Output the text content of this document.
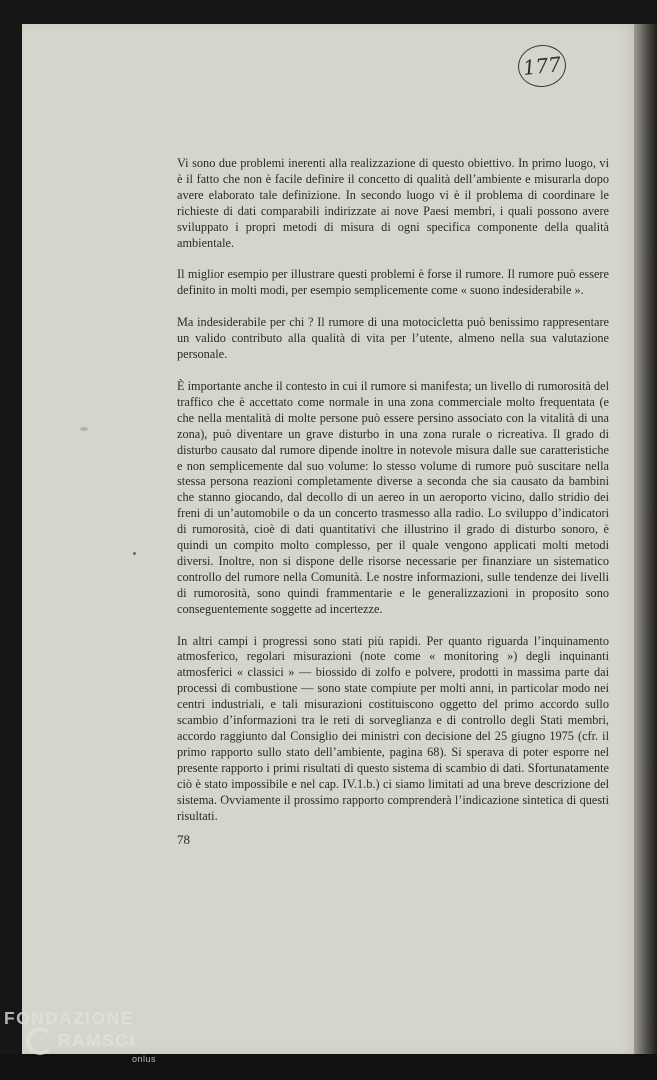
177

Vi sono due problemi inerenti alla realizzazione di questo obiettivo. In primo luogo, vi è il fatto che non è facile definire il concetto di qualità dell’ambiente e misurarla dopo avere elaborato tale definizione. In secondo luogo vi è il problema di coordinare le richieste di dati comparabili indirizzate ai nove Paesi membri, i quali possono avere sviluppato i propri metodi di misura di ogni specifica componente della qualità ambientale.

Il miglior esempio per illustrare questi problemi è forse il rumore. Il rumore può essere definito in molti modi, per esempio semplicemente come « suono indesiderabile ».

Ma indesiderabile per chi ? Il rumore di una motocicletta può benissimo rappresentare un valido contributo alla qualità di vita per l’utente, almeno nella sua valutazione personale.

È importante anche il contesto in cui il rumore si manifesta; un livello di rumorosità del traffico che è accettato come normale in una zona commerciale molto frequentata (e che nella mentalità di molte persone può essere persino associato con la vitalità di una zona), può diventare un grave disturbo in una zona rurale o ricreativa. Il grado di disturbo causato dal rumore dipende inoltre in notevole misura dalle sue caratteristiche e non semplicemente dal suo volume: lo stesso volume di rumore può suscitare nella stessa persona reazioni completamente diverse a seconda che sia causato da bambini che stanno giocando, dal decollo di un aereo in un aeroporto vicino, dallo stridio dei freni di un’automobile o da un concerto trasmesso alla radio. Lo sviluppo d’indicatori di rumorosità, cioè di dati quantitativi che illustrino il grado di disturbo sonoro, è quindi un compito molto complesso, per il quale vengono applicati molti metodi diversi. Inoltre, non si dispone delle risorse necessarie per finanziare un sistematico controllo del rumore nella Comunità. Le nostre informazioni, sulle tendenze dei livelli di rumorosità, sono quindi frammentarie e le generalizzazioni in proposito sono conseguentemente soggette ad incertezze.

In altri campi i progressi sono stati più rapidi. Per quanto riguarda l’inquinamento atmosferico, regolari misurazioni (note come « monitoring ») degli inquinanti atmosferici « classici » — biossido di zolfo e polvere, prodotti in massima parte dai processi di combustione — sono state compiute per molti anni, in particolar modo nei centri industriali, e tali misurazioni costituiscono oggetto del primo accordo sullo scambio d’informazioni tra le reti di sorveglianza e di controllo degli Stati membri, accordo raggiunto dal Consiglio dei ministri con decisione del 25 giugno 1975 (cfr. il primo rapporto sullo stato dell’ambiente, pagina 68). Si sperava di poter esporre nel presente rapporto i primi risultati di questo sistema di scambio di dati. Sfortunatamente ciò è stato impossibile e nel cap. IV.1.b.) ci siamo limitati ad una breve descrizione del sistema. Ovviamente il prossimo rapporto comprenderà l’indicazione sintetica di questi risultati.

78
FONDAZIONE
RAMSCI
onlus
